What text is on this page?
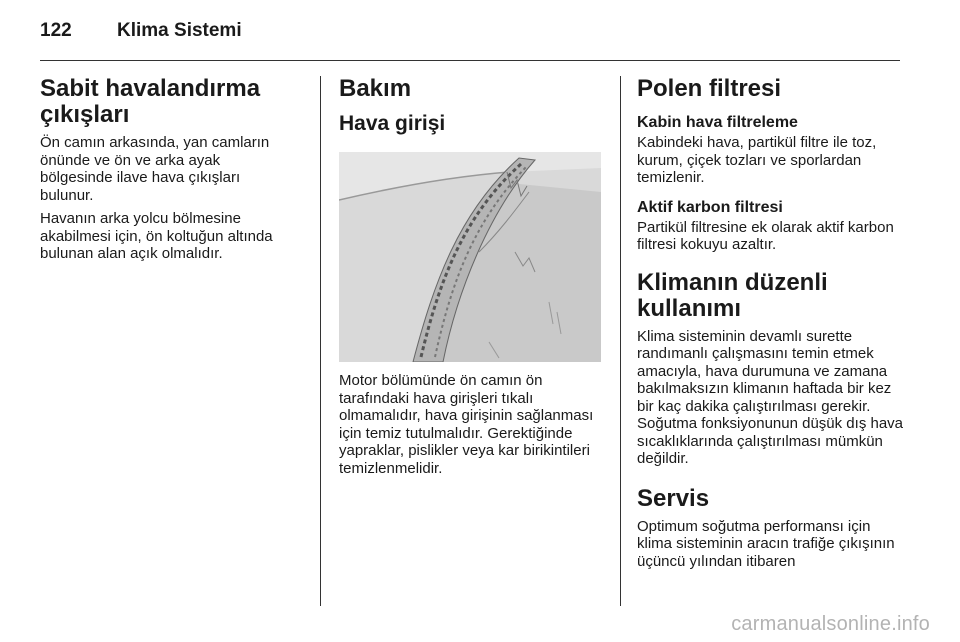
122 Klima Sistemi
Sabit havalandırma çıkışları

Ön camın arkasında, yan camların önünde ve ön ve arka ayak bölgesinde ilave hava çıkışları bulunur.

Havanın arka yolcu bölmesine akabilmesi için, ön koltuğun altında bulunan alan açık olmalıdır.

Bakım
Hava girişi

Motor bölümünde ön camın ön tarafındaki hava girişleri tıkalı olmamalıdır, hava girişinin sağlanması için temiz tutulmalıdır. Gerektiğinde yapraklar, pislikler veya kar birikintileri temizlenmelidir.

Polen filtresi
Kabin hava filtreleme

Kabindeki hava, partikül filtre ile toz, kurum, çiçek tozları ve sporlardan temizlenir.

Aktif karbon filtresi

Partikül filtresine ek olarak aktif karbon filtresi kokuyu azaltır.

Klimanın düzenli kullanımı

Klima sisteminin devamlı surette randımanlı çalışmasını temin etmek amacıyla, hava durumuna ve zamana bakılmaksızın klimanın haftada bir kez bir kaç dakika çalıştırılması gerekir. Soğutma fonksiyonunun düşük dış hava sıcaklıklarında çalıştırılması mümkün değildir.

Servis

Optimum soğutma performansı için klima sisteminin aracın trafiğe çıkışının üçüncü yılından itibaren

carmanualsonline.info
